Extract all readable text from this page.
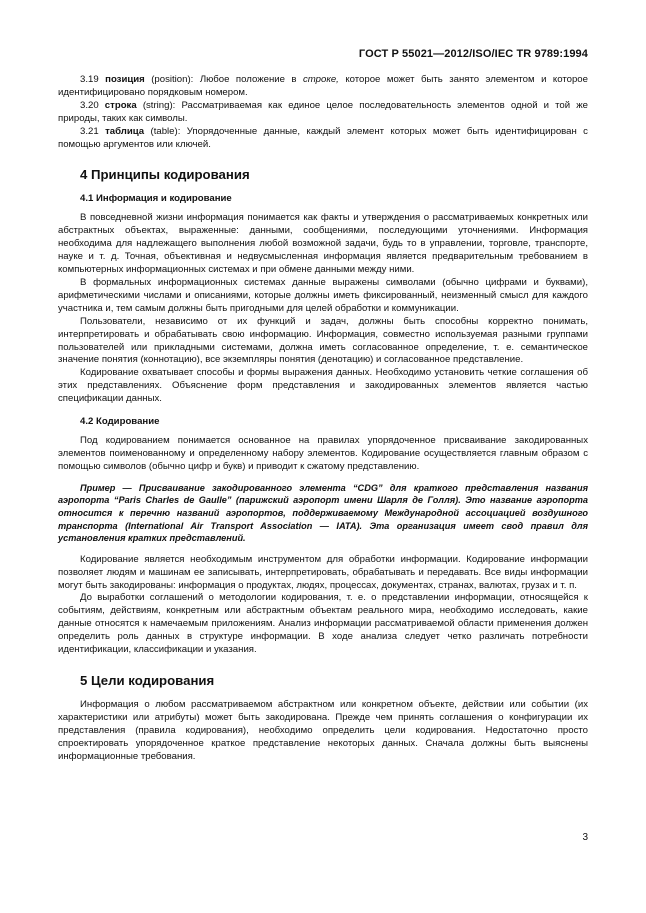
ГОСТ Р 55021—2012/ISO/IEC TR 9789:1994

3.19 позиция (position): Любое положение в строке, которое может быть занято элементом и которое идентифицировано порядковым номером.

3.20 строка (string): Рассматриваемая как единое целое последовательность элементов одной и той же природы, таких как символы.

3.21 таблица (table): Упорядоченные данные, каждый элемент которых может быть идентифицирован с помощью аргументов или ключей.

4 Принципы кодирования
4.1 Информация и кодирование

В повседневной жизни информация понимается как факты и утверждения о рассматриваемых конкретных или абстрактных объектах, выраженные: данными, сообщениями, последующими уточнениями. Информация необходима для надлежащего выполнения любой возможной задачи, будь то в управлении, торговле, транспорте, науке и т. д. Точная, объективная и недвусмысленная информация является предварительным требованием в компьютерных информационных системах и при обмене данными между ними.

В формальных информационных системах данные выражены символами (обычно цифрами и буквами), арифметическими числами и описаниями, которые должны иметь фиксированный, неизменный смысл для каждого участника и, тем самым должны быть пригодными для целей обработки и коммуникации.

Пользователи, независимо от их функций и задач, должны быть способны корректно понимать, интерпретировать и обрабатывать свою информацию. Информация, совместно используемая разными группами пользователей или прикладными системами, должна иметь согласованное определение, т. е. семантическое значение понятия (коннотацию), все экземпляры понятия (денотацию) и согласованное представление.

Кодирование охватывает способы и формы выражения данных. Необходимо установить четкие соглашения об этих представлениях. Объяснение форм представления и закодированных элементов является частью спецификации данных.

4.2 Кодирование

Под кодированием понимается основанное на правилах упорядоченное присваивание закодированных элементов поименованному и определенному набору элементов. Кодирование осуществляется главным образом с помощью символов (обычно цифр и букв) и приводит к сжатому представлению.

Пример — Присваивание закодированного элемента “CDG” для краткого представления названия аэропорта “Paris Charles de Gaulle” (парижский аэропорт имени Шарля де Голля). Это название аэропорта относится к перечню названий аэропортов, поддерживаемому Международной ассоциацией воздушного транспорта (International Air Transport Association — IATA). Эта организация имеет свод правил для установления кратких представлений.

Кодирование является необходимым инструментом для обработки информации. Кодирование информации позволяет людям и машинам ее записывать, интерпретировать, обрабатывать и передавать. Все виды информации могут быть закодированы: информация о продуктах, людях, процессах, документах, странах, валютах, грузах и т. п.

До выработки соглашений о методологии кодирования, т. е. о представлении информации, относящейся к событиям, действиям, конкретным или абстрактным объектам реального мира, необходимо исследовать, какие данные относятся к намечаемым приложениям. Анализ информации рассматриваемой области применения должен определить роль данных в структуре информации. В ходе анализа следует четко различать потребности идентификации, классификации и указания.

5 Цели кодирования

Информация о любом рассматриваемом абстрактном или конкретном объекте, действии или событии (их характеристики или атрибуты) может быть закодирована. Прежде чем принять соглашения о конфигурации их представления (правила кодирования), необходимо определить цели кодирования. Недостаточно просто спроектировать упорядоченное краткое представление некоторых данных. Сначала должны быть выяснены информационные требования.

3
